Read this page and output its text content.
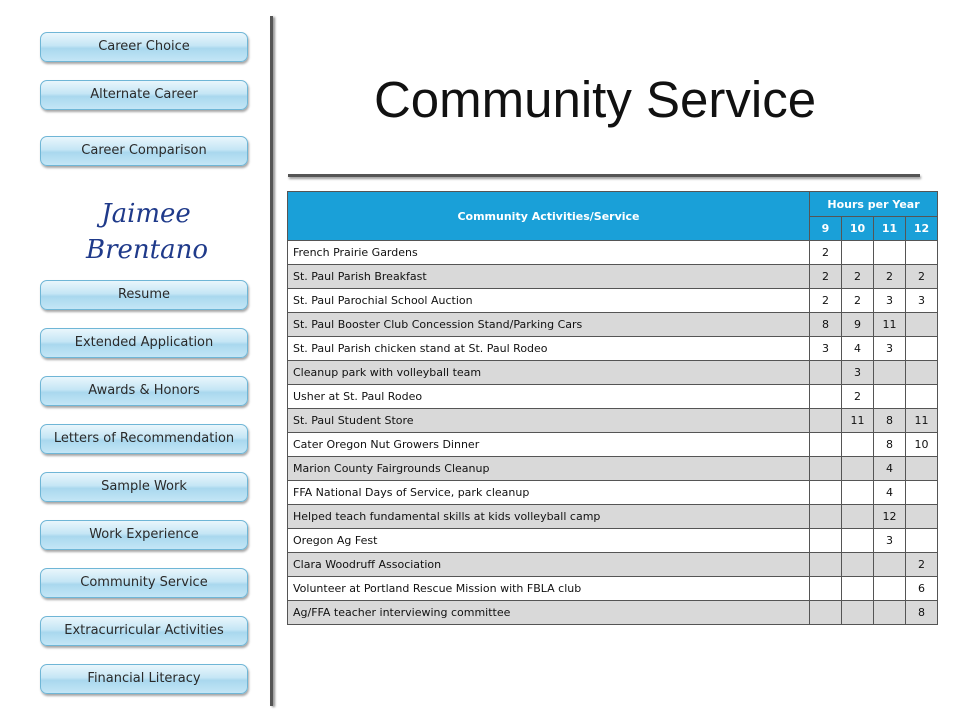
Career Choice
Alternate Career
Career Comparison
Jaimee
Brentano
Resume
Extended Application
Awards & Honors
Letters of Recommendation
Sample Work
Work Experience
Community Service
Extracurricular Activities
Financial Literacy
Community Service
Community Activities/Service	Hours per Year			
	9	10	11	12
French Prairie Gardens	2			
St. Paul Parish Breakfast	2	2	2	2
St. Paul Parochial School Auction	2	2	3	3
St. Paul Booster Club Concession Stand/Parking Cars	8	9	11	
St. Paul Parish chicken stand at St. Paul Rodeo	3	4	3	
Cleanup park with volleyball team		3		
Usher at St. Paul Rodeo		2		
St. Paul Student Store		11	8	11
Cater Oregon Nut Growers Dinner			8	10
Marion County Fairgrounds Cleanup			4	
FFA National Days of Service, park cleanup			4	
Helped teach fundamental skills at kids volleyball camp			12	
Oregon Ag Fest			3	
Clara Woodruff Association				2
Volunteer at Portland Rescue Mission with FBLA club				6
Ag/FFA teacher interviewing committee				8
